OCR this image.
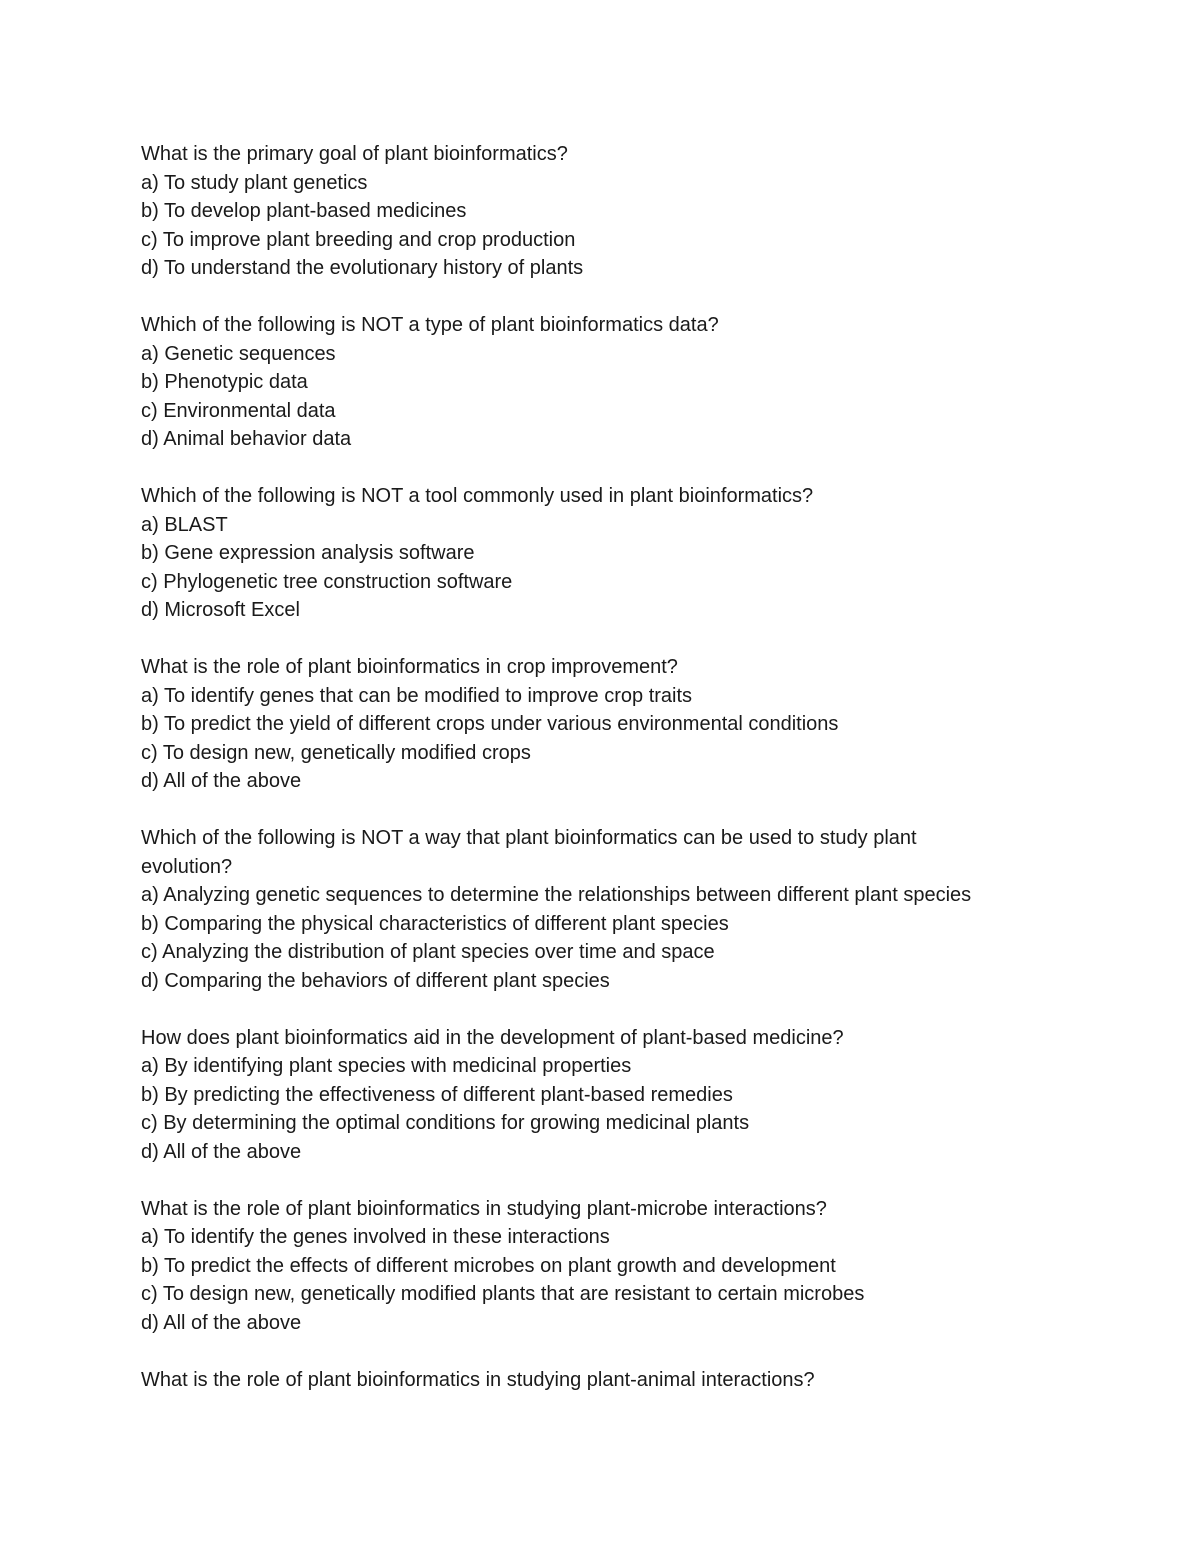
What is the primary goal of plant bioinformatics?
a) To study plant genetics
b) To develop plant-based medicines
c) To improve plant breeding and crop production
d) To understand the evolutionary history of plants
Which of the following is NOT a type of plant bioinformatics data?
a) Genetic sequences
b) Phenotypic data
c) Environmental data
d) Animal behavior data
Which of the following is NOT a tool commonly used in plant bioinformatics?
a) BLAST
b) Gene expression analysis software
c) Phylogenetic tree construction software
d) Microsoft Excel
What is the role of plant bioinformatics in crop improvement?
a) To identify genes that can be modified to improve crop traits
b) To predict the yield of different crops under various environmental conditions
c) To design new, genetically modified crops
d) All of the above
Which of the following is NOT a way that plant bioinformatics can be used to study plant
evolution?
a) Analyzing genetic sequences to determine the relationships between different plant species
b) Comparing the physical characteristics of different plant species
c) Analyzing the distribution of plant species over time and space
d) Comparing the behaviors of different plant species
How does plant bioinformatics aid in the development of plant-based medicine?
a) By identifying plant species with medicinal properties
b) By predicting the effectiveness of different plant-based remedies
c) By determining the optimal conditions for growing medicinal plants
d) All of the above
What is the role of plant bioinformatics in studying plant-microbe interactions?
a) To identify the genes involved in these interactions
b) To predict the effects of different microbes on plant growth and development
c) To design new, genetically modified plants that are resistant to certain microbes
d) All of the above
What is the role of plant bioinformatics in studying plant-animal interactions?
